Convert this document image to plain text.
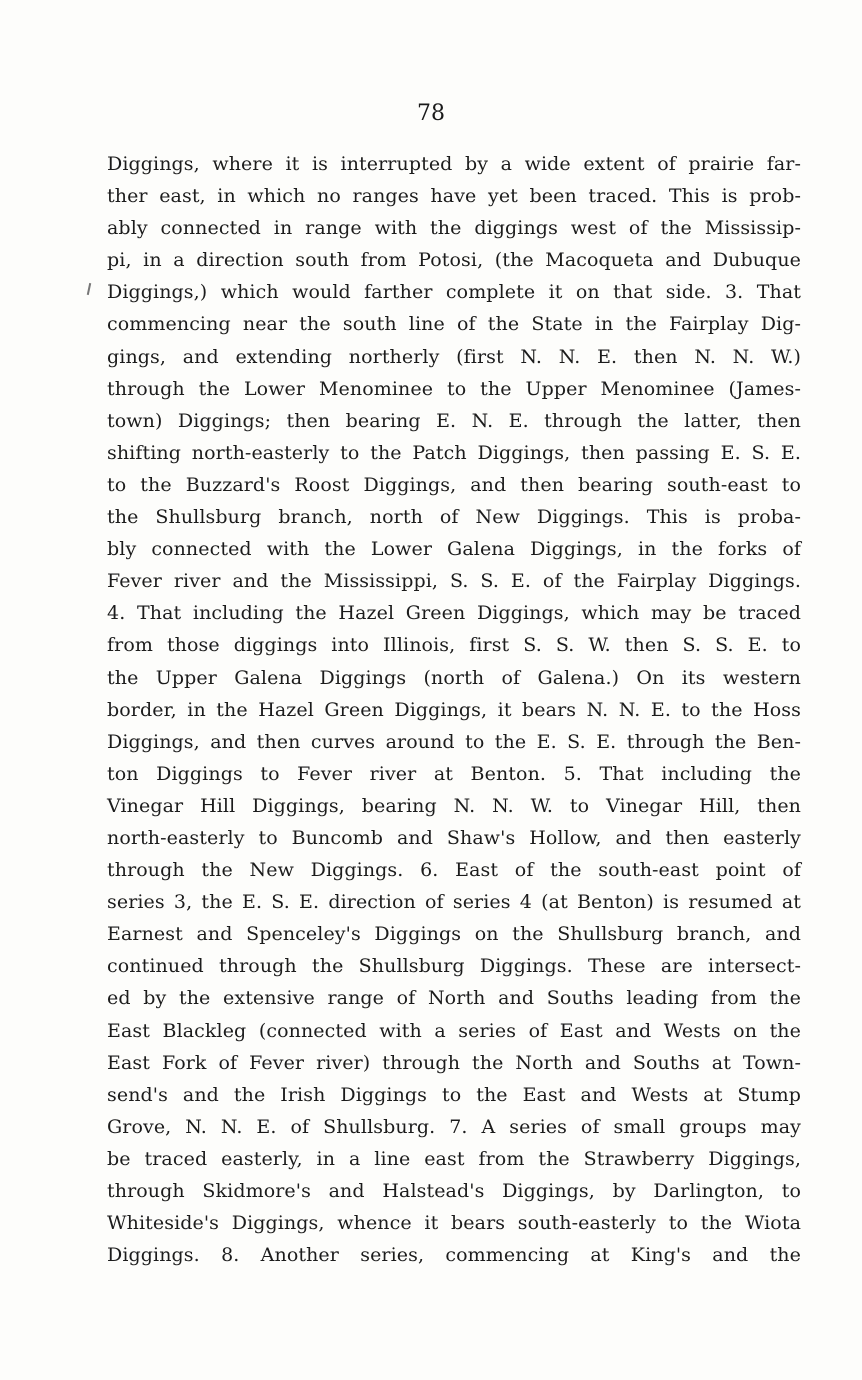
78
Diggings, where it is interrupted by a wide extent of prairie far-
ther east, in which no ranges have yet been traced. This is prob-
ably connected in range with the diggings west of the Mississip-
pi, in a direction south from Potosi, (the Macoqueta and Dubuque
Diggings,) which would farther complete it on that side. 3. That
commencing near the south line of the State in the Fairplay Dig-
gings, and extending northerly (first N. N. E. then N. N. W.)
through the Lower Menominee to the Upper Menominee (James-
town) Diggings; then bearing E. N. E. through the latter, then
shifting north-easterly to the Patch Diggings, then passing E. S. E.
to the Buzzard's Roost Diggings, and then bearing south-east to
the Shullsburg branch, north of New Diggings. This is proba-
bly connected with the Lower Galena Diggings, in the forks of
Fever river and the Mississippi, S. S. E. of the Fairplay Diggings.
4. That including the Hazel Green Diggings, which may be traced
from those diggings into Illinois, first S. S. W. then S. S. E. to
the Upper Galena Diggings (north of Galena.) On its western
border, in the Hazel Green Diggings, it bears N. N. E. to the Hoss
Diggings, and then curves around to the E. S. E. through the Ben-
ton Diggings to Fever river at Benton. 5. That including the
Vinegar Hill Diggings, bearing N. N. W. to Vinegar Hill, then
north-easterly to Buncomb and Shaw's Hollow, and then easterly
through the New Diggings. 6. East of the south-east point of
series 3, the E. S. E. direction of series 4 (at Benton) is resumed at
Earnest and Spenceley's Diggings on the Shullsburg branch, and
continued through the Shullsburg Diggings. These are intersect-
ed by the extensive range of North and Souths leading from the
East Blackleg (connected with a series of East and Wests on the
East Fork of Fever river) through the North and Souths at Town-
send's and the Irish Diggings to the East and Wests at Stump
Grove, N. N. E. of Shullsburg. 7. A series of small groups may
be traced easterly, in a line east from the Strawberry Diggings,
through Skidmore's and Halstead's Diggings, by Darlington, to
Whiteside's Diggings, whence it bears south-easterly to the Wiota
Diggings. 8. Another series, commencing at King's and the
